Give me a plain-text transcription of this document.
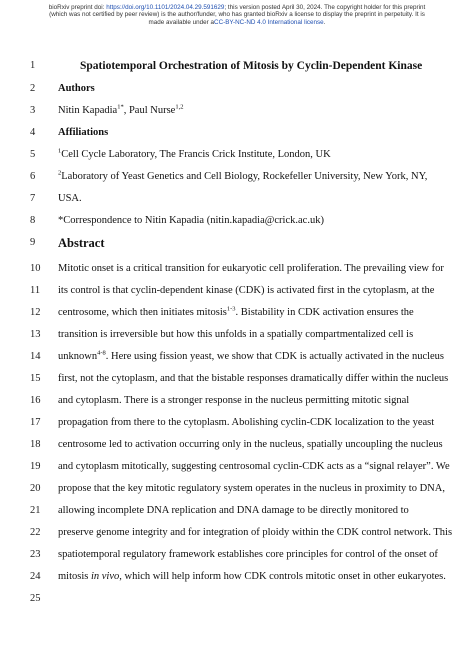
bioRxiv preprint doi: https://doi.org/10.1101/2024.04.29.591629; this version posted April 30, 2024. The copyright holder for this preprint
(which was not certified by peer review) is the author/funder, who has granted bioRxiv a license to display the preprint in perpetuity. It is
made available under aCC-BY-NC-ND 4.0 International license.
1	Spatiotemporal Orchestration of Mitosis by Cyclin-Dependent Kinase
2	Authors
3	Nitin Kapadia$^{1*}$, Paul Nurse$^{1,2}$
4	Affiliations
5	$^1$Cell Cycle Laboratory, The Francis Crick Institute, London, UK
6	$^2$Laboratory of Yeast Genetics and Cell Biology, Rockefeller University, New York, NY,
7	USA.
8	*Correspondence to Nitin Kapadia (nitin.kapadia@crick.ac.uk)
9	Abstract
10	Mitotic onset is a critical transition for eukaryotic cell proliferation. The prevailing view for
11	its control is that cyclin-dependent kinase (CDK) is activated first in the cytoplasm, at the
12	centrosome, which then initiates mitosis$^{1-3}$. Bistability in CDK activation ensures the
13	transition is irreversible but how this unfolds in a spatially compartmentalized cell is
14	unknown$^{4-8}$. Here using fission yeast, we show that CDK is actually activated in the nucleus
15	first, not the cytoplasm, and that the bistable responses dramatically differ within the nucleus
16	and cytoplasm. There is a stronger response in the nucleus permitting mitotic signal
17	propagation from there to the cytoplasm. Abolishing cyclin-CDK localization to the yeast
18	centrosome led to activation occurring only in the nucleus, spatially uncoupling the nucleus
19	and cytoplasm mitotically, suggesting centrosomal cyclin-CDK acts as a “signal relayer”. We
20	propose that the key mitotic regulatory system operates in the nucleus in proximity to DNA,
21	allowing incomplete DNA replication and DNA damage to be directly monitored to
22	preserve genome integrity and for integration of ploidy within the CDK control network. This
23	spatiotemporal regulatory framework establishes core principles for control of the onset of
24	mitosis in vivo, which will help inform how CDK controls mitotic onset in other eukaryotes.
25
